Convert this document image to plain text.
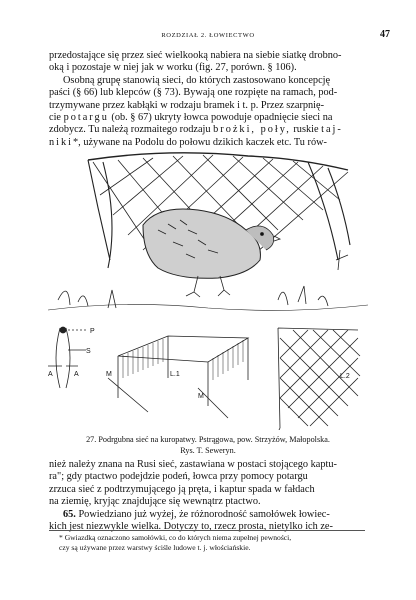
ROZDZIAŁ 2. ŁOWIECTWO	47
przedostające się przez sieć wielkooką nabiera na siebie siatkę drobno-
oką i pozostaje w niej jak w worku (fig. 27, porówn. § 106).
Osobną grupę stanowią sieci, do których zastosowano koncepcję
paści (§ 66) lub klepców (§ 73). Bywają one rozpięte na ramach, pod-
trzymywane przez kabłąki w rodzaju bramek i t. p. Przez szarpnię-
cie potargu (ob. § 67) ukryty łowca powoduje opadnięcie sieci na
zdobycz. Tu należą rozmaitego rodzaju brożki, poły, ruskie taj-
niki*, używane na Podolu do połowu dzikich kaczek etc. Tu rów-
P
S
A	A	M	L.1
M
L.2
27. Podrgubna sieć na kuropatwy. Pstrągowa, pow. Strzyżów, Małopolska.
Rys. T. Seweryn.
nież należy znana na Rusi sieć, zastawiana w postaci stojącego kaptu-
ra"; gdy ptactwo podejdzie podeń, łowca przy pomocy potargu
zrzuca sieć z podtrzymującego ją pręta, i kaptur spada w fałdach
na ziemię, kryjąc znajdujące się wewnątrz ptactwo.
65. Powiedziano już wyżej, że różnorodność samołówek łowiec-
kich jest niezwykle wielka. Dotyczy to, rzecz prosta, nietylko ich ze-
* Gwiazdką oznaczono samołówki, co do których niema zupełnej pewności,
czy są używane przez warstwy ściśle ludowe t. j. włościańskie.
